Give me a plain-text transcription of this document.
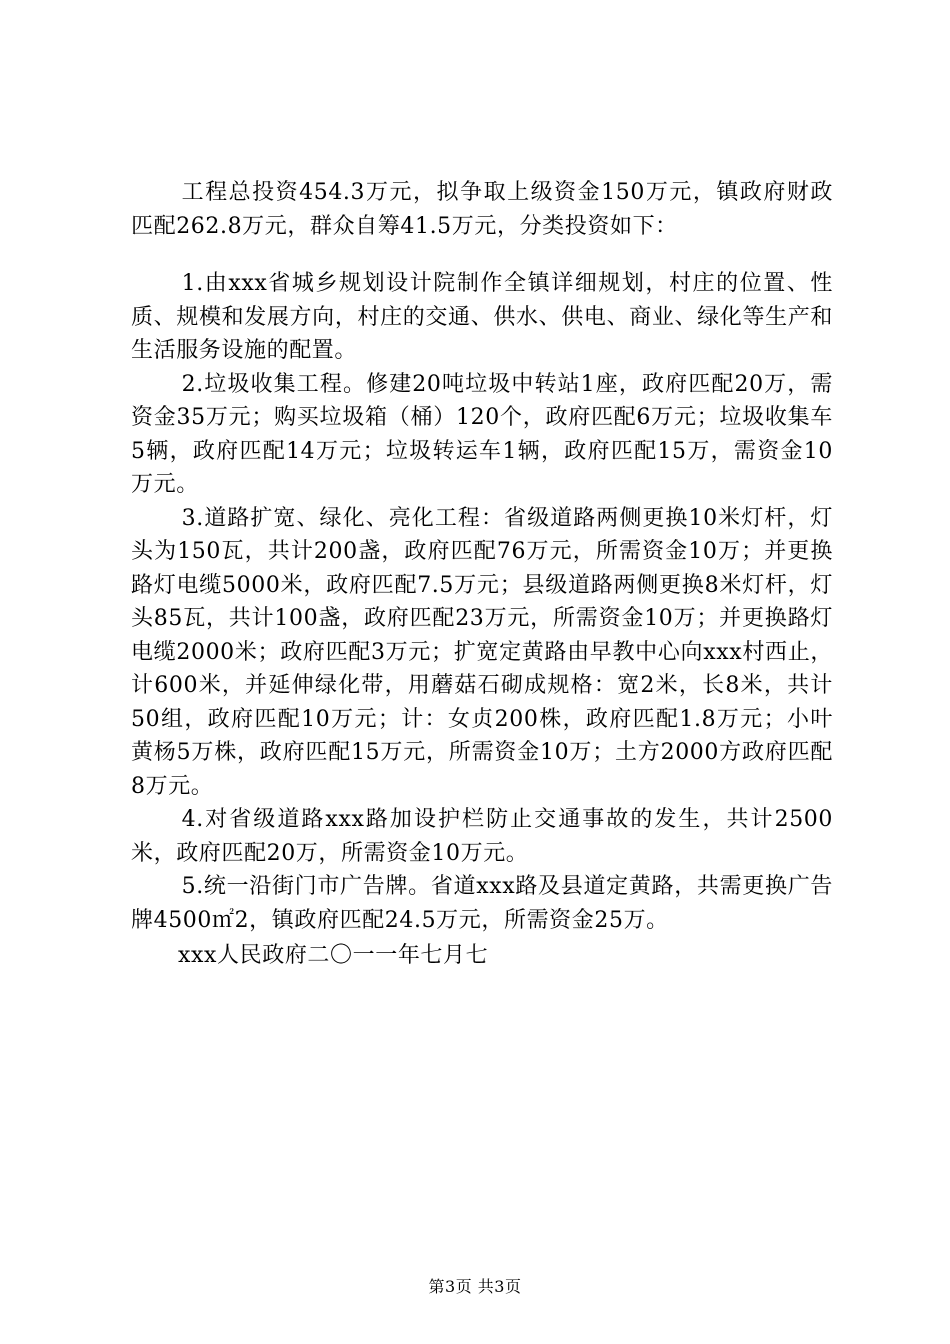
工程总投资454.3万元，拟争取上级资金150万元，镇政府财政匹配262.8万元，群众自筹41.5万元，分类投资如下：

1.由xxx省城乡规划设计院制作全镇详细规划，村庄的位置、性质、规模和发展方向，村庄的交通、供水、供电、商业、绿化等生产和生活服务设施的配置。

2.垃圾收集工程。修建20吨垃圾中转站1座，政府匹配20万，需资金35万元；购买垃圾箱（桶）120个，政府匹配6万元；垃圾收集车5辆，政府匹配14万元；垃圾转运车1辆，政府匹配15万，需资金10万元。

3.道路扩宽、绿化、亮化工程：省级道路两侧更换10米灯杆，灯头为150瓦，共计200盏，政府匹配76万元，所需资金10万；并更换路灯电缆5000米，政府匹配7.5万元；县级道路两侧更换8米灯杆，灯头85瓦，共计100盏，政府匹配23万元，所需资金10万；并更换路灯电缆2000米；政府匹配3万元；扩宽定黄路由早教中心向xxx村西止，计600米，并延伸绿化带，用蘑菇石砌成规格：宽2米，长8米，共计50组，政府匹配10万元；计：女贞200株，政府匹配1.8万元；小叶黄杨5万株，政府匹配15万元，所需资金10万；土方2000方政府匹配8万元。

4.对省级道路xxx路加设护栏防止交通事故的发生，共计2500米，政府匹配20万，所需资金10万元。

5.统一沿街门市广告牌。省道xxx路及县道定黄路，共需更换广告牌4500㎡2，镇政府匹配24.5万元，所需资金25万。

xxx人民政府二〇一一年七月七
第3页 共3页
